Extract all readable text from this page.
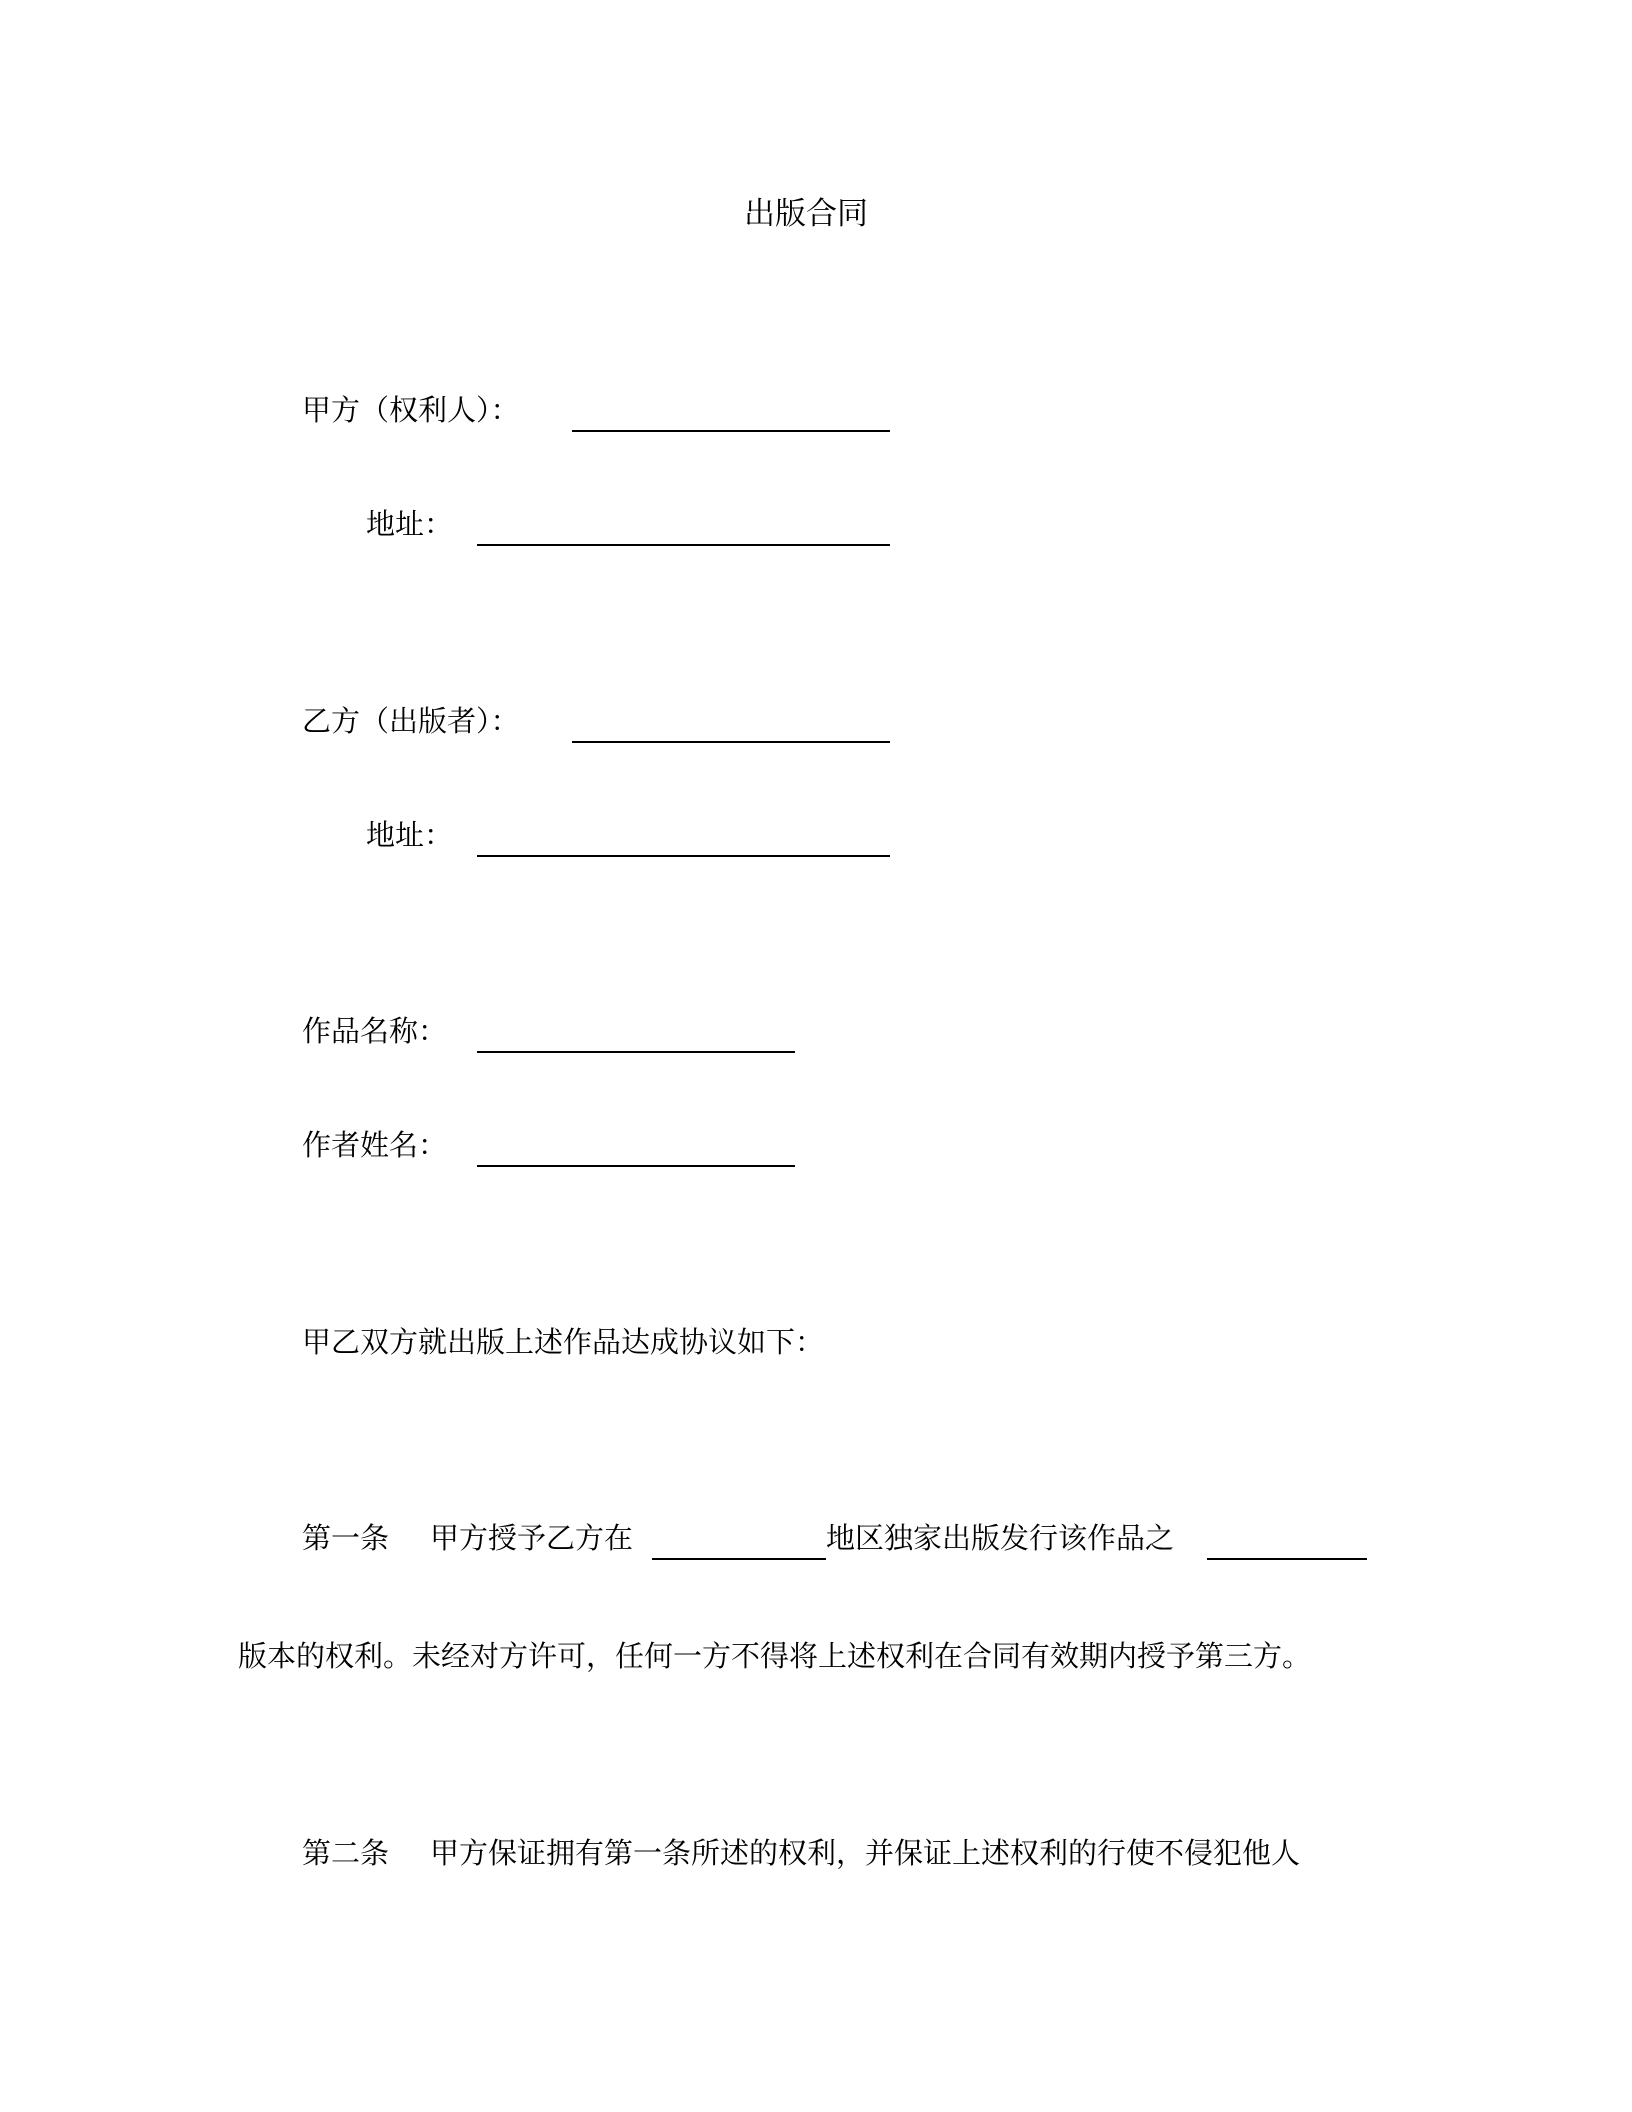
出版合同
甲方（权利人）：
地址：
乙方（出版者）：
地址：
作品名称：
作者姓名：
甲乙双方就出版上述作品达成协议如下：
第一条 甲方授予乙方在	地区独家出版发行该作品之
版本的权利。未经对方许可，任何一方不得将上述权利在合同有效期内授予第三方。
第二条 甲方保证拥有第一条所述的权利，并保证上述权利的行使不侵犯他人
